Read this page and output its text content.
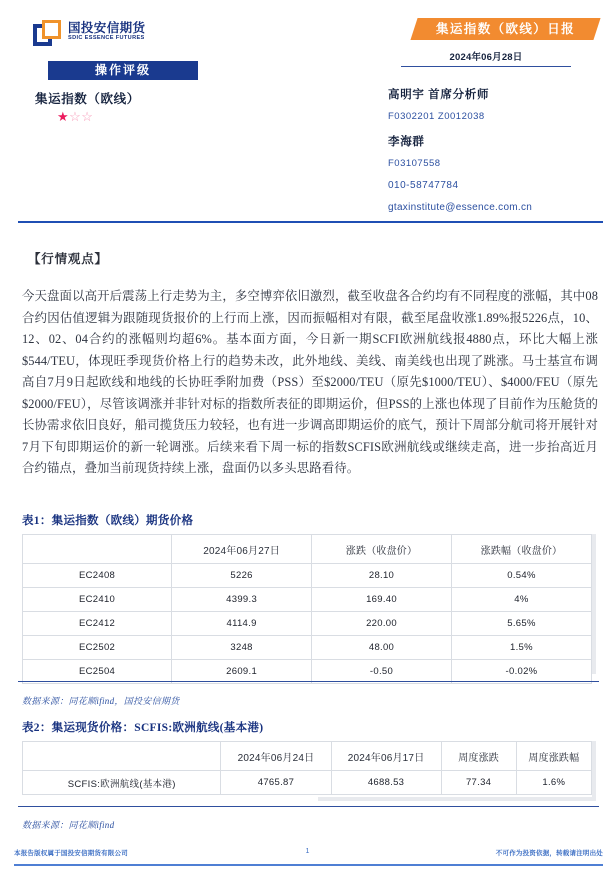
国投安信期货
SDIC ESSENCE FUTURES
操作评级
集运指数（欧线）
★☆☆
集运指数（欧线）日报
2024年06月28日
高明宇 首席分析师
F0302201 Z0012038
李海群
F03107558
010-58747784
gtaxinstitute@essence.com.cn
【行情观点】
今天盘面以高开后震荡上行走势为主，多空博弈依旧激烈，截至收盘各合约均有不同程度的涨幅，其中08合约因估值逻辑为跟随现货报价的上行而上涨，因而振幅相对有限，截至尾盘收涨1.89%报5226点，10、12、02、04合约的涨幅则均超6%。基本面方面，今日新一期SCFI欧洲航线报4880点，环比大幅上涨$544/TEU，体现旺季现货价格上行的趋势未改，此外地线、美线、南美线也出现了跳涨。马士基宣布调高自7月9日起欧线和地线的长协旺季附加费（PSS）至$2000/TEU（原先$1000/TEU）、$4000/FEU（原先$2000/FEU），尽管该调涨并非针对标的指数所表征的即期运价，但PSS的上涨也体现了目前作为压舱货的长协需求依旧良好，船司揽货压力较轻，也有进一步调高即期运价的底气，预计下周部分航司将开展针对7月下旬即期运价的新一轮调涨。后续来看下周一标的指数SCFIS欧洲航线或继续走高，进一步抬高近月合约锚点，叠加当前现货持续上涨，盘面仍以多头思路看待。
表1：集运指数（欧线）期货价格
	2024年06月27日	涨跌（收盘价）	涨跌幅（收盘价）
EC2408	5226	28.10	0.54%
EC2410	4399.3	169.40	4%
EC2412	4114.9	220.00	5.65%
EC2502	3248	48.00	1.5%
EC2504	2609.1	-0.50	-0.02%
数据来源：同花顺ifind，国投安信期货
表2：集运现货价格：SCFIS:欧洲航线(基本港)
	2024年06月24日	2024年06月17日	周度涨跌	周度涨跌幅
SCFIS:欧洲航线(基本港)	4765.87	4688.53	77.34	1.6%
数据来源：同花顺ifind
本报告版权属于国投安信期货有限公司	1	不可作为投资依据，转载请注明出处
